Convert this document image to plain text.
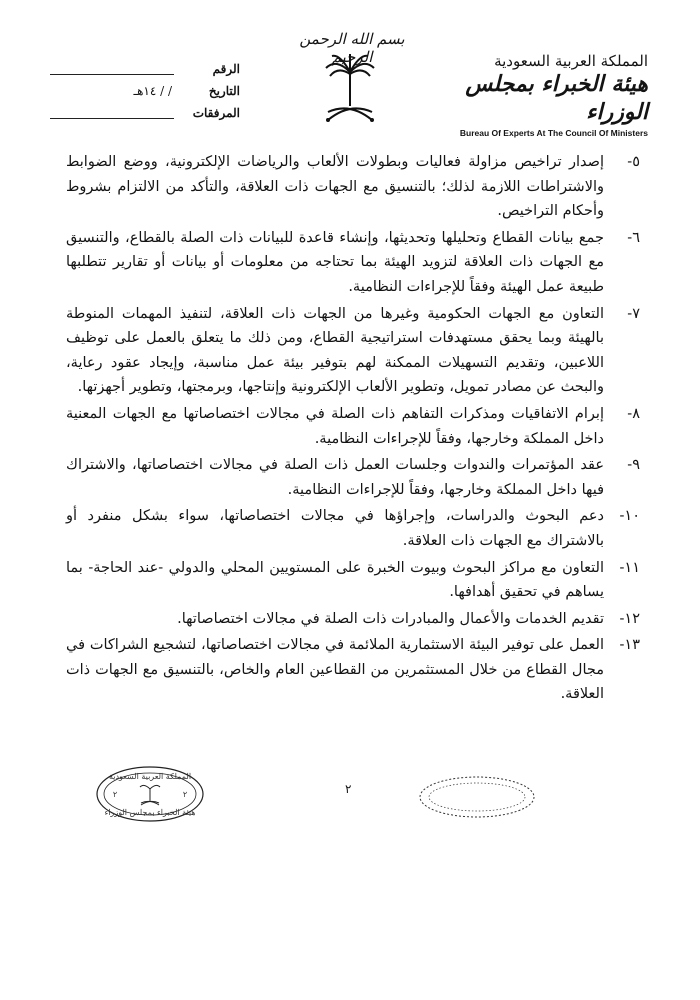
بسم الله الرحمن الرحيم	المملكة العربية السعودية
هيئة الخبراء بمجلس الوزراء
Bureau Of Experts At The Council Of Ministers
الرقم
التاريخ
/ / ١٤هـ
المرفقات
٥-
إصدار تراخيص مزاولة فعاليات وبطولات الألعاب والرياضات الإلكترونية، ووضع الضوابط والاشتراطات اللازمة لذلك؛ بالتنسيق مع الجهات ذات العلاقة، والتأكد من الالتزام بشروط وأحكام التراخيص.
٦-
جمع بيانات القطاع وتحليلها وتحديثها، وإنشاء قاعدة للبيانات ذات الصلة بالقطاع، والتنسيق مع الجهات ذات العلاقة لتزويد الهيئة بما تحتاجه من معلومات أو بيانات أو تقارير تتطلبها طبيعة عمل الهيئة وفقاً للإجراءات النظامية.
٧-
التعاون مع الجهات الحكومية وغيرها من الجهات ذات العلاقة، لتنفيذ المهمات المنوطة بالهيئة وبما يحقق مستهدفات استراتيجية القطاع، ومن ذلك ما يتعلق بالعمل على توظيف اللاعبين، وتقديم التسهيلات الممكنة لهم بتوفير بيئة عمل مناسبة، وإيجاد عقود رعاية، والبحث عن مصادر تمويل، وتطوير الألعاب الإلكترونية وإنتاجها، وبرمجتها، وتطوير أجهزتها.
٨-
إبرام الاتفاقيات ومذكرات التفاهم ذات الصلة في مجالات اختصاصاتها مع الجهات المعنية داخل المملكة وخارجها، وفقاً للإجراءات النظامية.
٩-
عقد المؤتمرات والندوات وجلسات العمل ذات الصلة في مجالات اختصاصاتها، والاشتراك فيها داخل المملكة وخارجها، وفقاً للإجراءات النظامية.
١٠-
دعم البحوث والدراسات، وإجراؤها في مجالات اختصاصاتها، سواء بشكل منفرد أو بالاشتراك مع الجهات ذات العلاقة.
١١-
التعاون مع مراكز البحوث وبيوت الخبرة على المستويين المحلي والدولي -عند الحاجة- بما يساهم في تحقيق أهدافها.
١٢-
تقديم الخدمات والأعمال والمبادرات ذات الصلة في مجالات اختصاصاتها.
١٣-
العمل على توفير البيئة الاستثمارية الملائمة في مجالات اختصاصاتها، لتشجيع الشراكات في مجال القطاع من خلال المستثمرين من القطاعين العام والخاص، بالتنسيق مع الجهات ذات العلاقة.
٢
المملكة العربية السعودية
هيئة الخبراء بمجلس الوزراء
٢	٢
